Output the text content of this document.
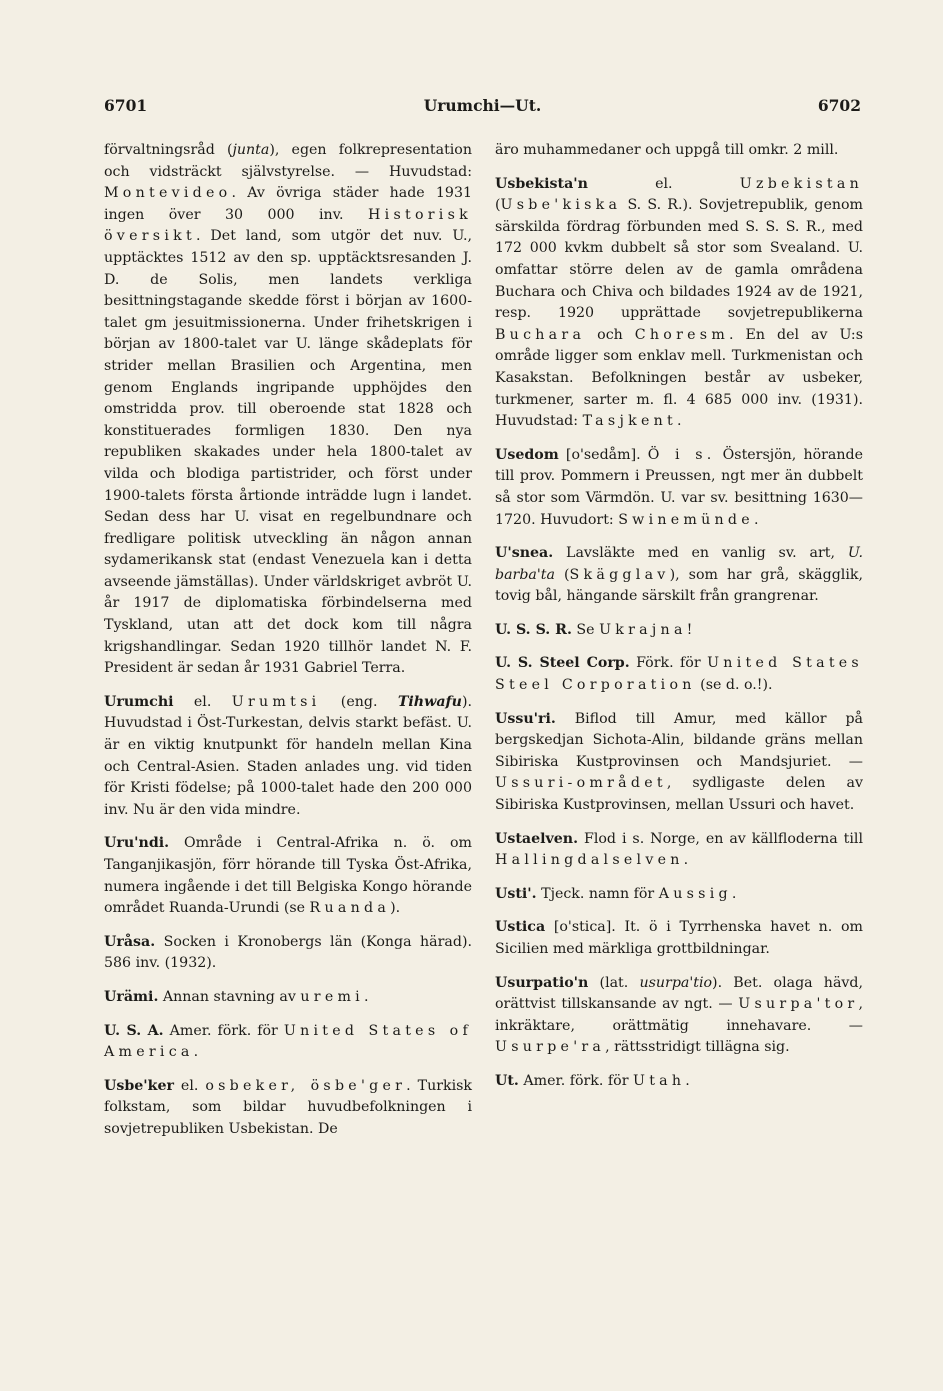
6701	Urumchi—Ut.	6702

förvaltningsråd (junta), egen folkrepresentation och vidsträckt självstyrelse. — Huvudstad: Montevideo. Av övriga städer hade 1931 ingen över 30 000 inv. Historisk översikt. Det land, som utgör det nuv. U., upptäcktes 1512 av den sp. upptäcktsresanden J. D. de Solis, men landets verkliga besittningstagande skedde först i början av 1600-talet gm jesuitmissionerna. Under frihetskrigen i början av 1800-talet var U. länge skådeplats för strider mellan Brasilien och Argentina, men genom Englands ingripande upphöjdes den omstridda prov. till oberoende stat 1828 och konstituerades formligen 1830. Den nya republiken skakades under hela 1800-talet av vilda och blodiga partistrider, och först under 1900-talets första årtionde inträdde lugn i landet. Sedan dess har U. visat en regelbundnare och fredligare politisk utveckling än någon annan sydamerikansk stat (endast Venezuela kan i detta avseende jämställas). Under världskriget avbröt U. år 1917 de diplomatiska förbindelserna med Tyskland, utan att det dock kom till några krigshandlingar. Sedan 1920 tillhör landet N. F. President är sedan år 1931 Gabriel Terra.

Urumchi el. Urumtsi (eng. Tihwafu). Huvudstad i Öst-Turkestan, delvis starkt befäst. U. är en viktig knutpunkt för handeln mellan Kina och Central-Asien. Staden anlades ung. vid tiden för Kristi födelse; på 1000-talet hade den 200 000 inv. Nu är den vida mindre.

Uru'ndi. Område i Central-Afrika n. ö. om Tanganjikasjön, förr hörande till Tyska Öst-Afrika, numera ingående i det till Belgiska Kongo hörande området Ruanda-Urundi (se Ruanda).

Uråsa. Socken i Kronobergs län (Konga härad). 586 inv. (1932).

Urämi. Annan stavning av uremi.

U. S. A. Amer. förk. för United States of America.

Usbe'ker el. osbeker, ösbe'ger. Turkisk folkstam, som bildar huvudbefolkningen i sovjetrepubliken Usbekistan. De

äro muhammedaner och uppgå till omkr. 2 mill.

Usbekista'n el. Uzbekistan (Usbe'kiska S. S. R.). Sovjetrepublik, genom särskilda fördrag förbunden med S. S. S. R., med 172 000 kvkm dubbelt så stor som Svealand. U. omfattar större delen av de gamla områdena Buchara och Chiva och bildades 1924 av de 1921, resp. 1920 upprättade sovjetrepublikerna Buchara och Choresm. En del av U:s område ligger som enklav mell. Turkmenistan och Kasakstan. Befolkningen består av usbeker, turkmener, sarter m. fl. 4 685 000 inv. (1931). Huvudstad: Tasjkent.

Usedom [o'sedåm]. Ö i s. Östersjön, hörande till prov. Pommern i Preussen, ngt mer än dubbelt så stor som Värmdön. U. var sv. besittning 1630—1720. Huvudort: Swinemünde.

U'snea. Lavsläkte med en vanlig sv. art, U. barba'ta (Skägglav), som har grå, skägglik, tovig bål, hängande särskilt från grangrenar.

U. S. S. R. Se Ukrajna!

U. S. Steel Corp. Förk. för United States Steel Corporation (se d. o.!).

Ussu'ri. Biflod till Amur, med källor på bergskedjan Sichota-Alin, bildande gräns mellan Sibiriska Kustprovinsen och Mandsjuriet. — Ussuri-området, sydligaste delen av Sibiriska Kustprovinsen, mellan Ussuri och havet.

Ustaelven. Flod i s. Norge, en av källfloderna till Hallingdalselven.

Usti'. Tjeck. namn för Aussig.

Ustica [o'stica]. It. ö i Tyrrhenska havet n. om Sicilien med märkliga grottbildningar.

Usurpatio'n (lat. usurpa'tio). Bet. olaga hävd, orättvist tillskansande av ngt. — Usurpa'tor, inkräktare, orättmätig innehavare. — Usurpe'ra, rättsstridigt tillägna sig.

Ut. Amer. förk. för Utah.
